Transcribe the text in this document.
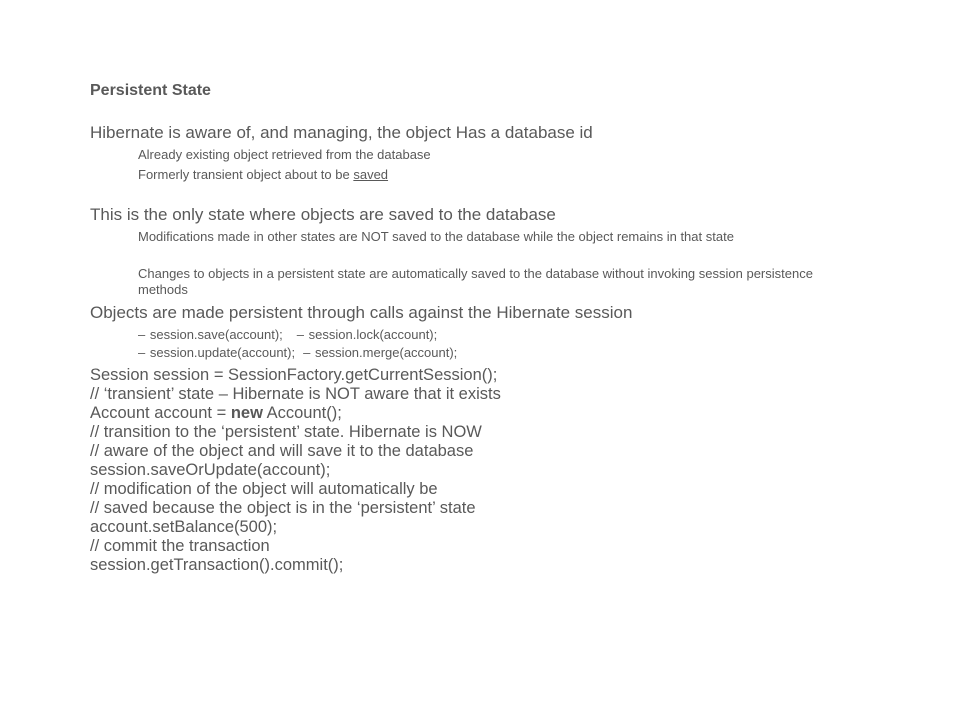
Persistent State
Hibernate is aware of, and managing, the object Has a database id
Already existing object retrieved from the database
Formerly transient object about to be saved
This is the only state where objects are saved to the database
Modifications made in other states are NOT saved to the database while the object remains in that state
Changes to objects in a persistent state are automatically saved to the database without invoking session persistence methods
Objects are made persistent through calls against the Hibernate session
– session.save(account); – session.lock(account);
– session.update(account); – session.merge(account);
Session session = SessionFactory.getCurrentSession();
// ‘transient’ state – Hibernate is NOT aware that it exists
Account account = new Account();
// transition to the ‘persistent’ state. Hibernate is NOW
// aware of the object and will save it to the database
session.saveOrUpdate(account);
// modification of the object will automatically be
// saved because the object is in the ‘persistent’ state
account.setBalance(500);
// commit the transaction
session.getTransaction().commit();
